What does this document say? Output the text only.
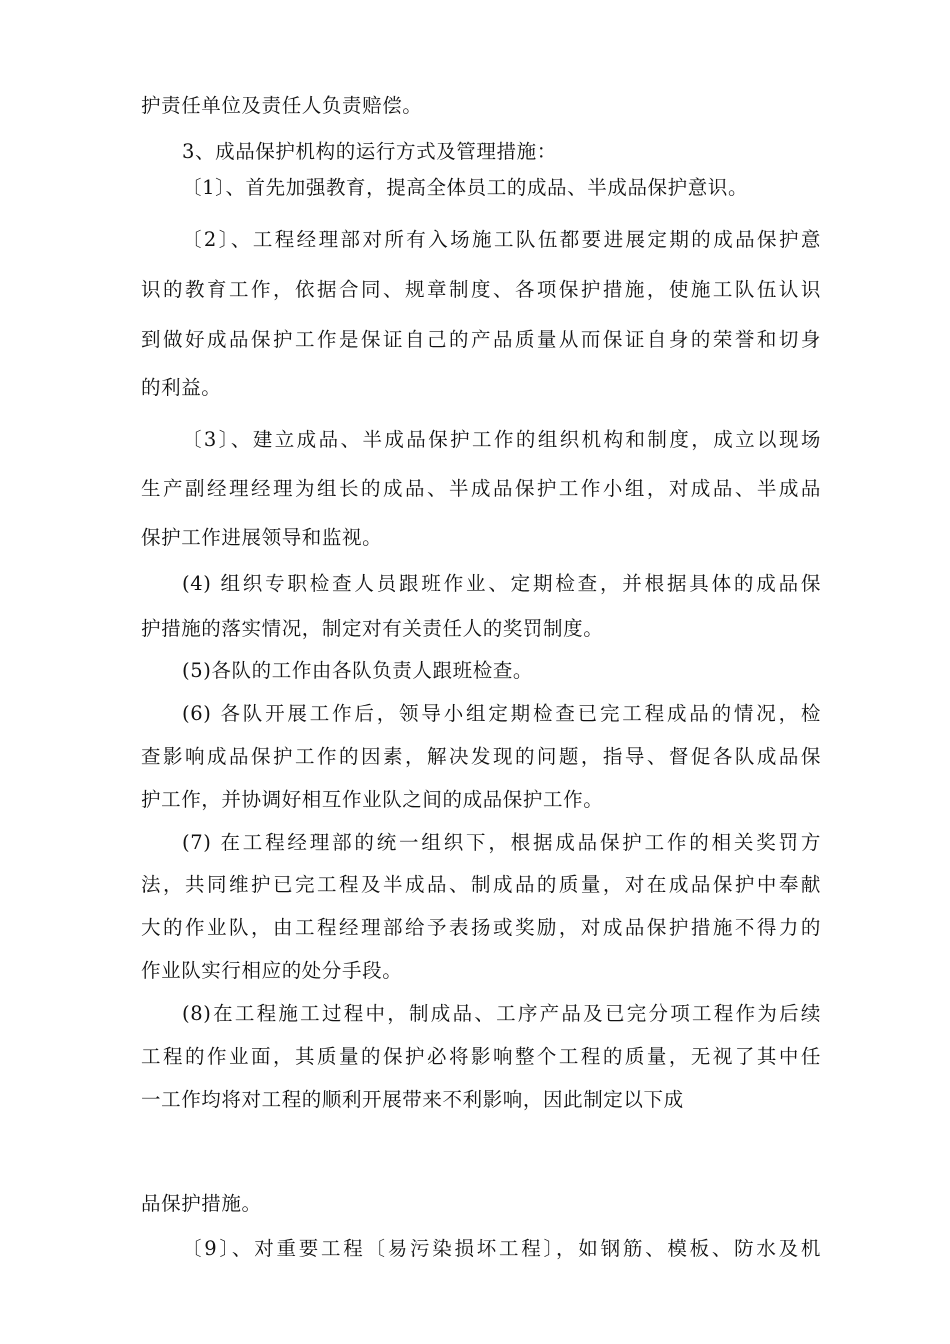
护责任单位及责任人负责赔偿。
3、成品保护机构的运行方式及管理措施：
〔1〕、首先加强教育，提高全体员工的成品、半成品保护意识。
〔2〕、工程经理部对所有入场施工队伍都要进展定期的成品保护意
识的教育工作，依据合同、规章制度、各项保护措施，使施工队伍认识
到做好成品保护工作是保证自己的产品质量从而保证自身的荣誉和切身
的利益。
〔3〕、建立成品、半成品保护工作的组织机构和制度，成立以现场
生产副经理经理为组长的成品、半成品保护工作小组，对成品、半成品
保护工作进展领导和监视。
(4) 组织专职检查人员跟班作业、定期检查，并根据具体的成品保
护措施的落实情况，制定对有关责任人的奖罚制度。
(5)各队的工作由各队负责人跟班检查。
(6) 各队开展工作后，领导小组定期检查已完工程成品的情况，检
查影响成品保护工作的因素，解决发现的问题，指导、督促各队成品保
护工作，并协调好相互作业队之间的成品保护工作。
(7) 在工程经理部的统一组织下，根据成品保护工作的相关奖罚方
法，共同维护已完工程及半成品、制成品的质量，对在成品保护中奉献
大的作业队，由工程经理部给予表扬或奖励，对成品保护措施不得力的
作业队实行相应的处分手段。
(8)在工程施工过程中，制成品、工序产品及已完分项工程作为后续
工程的作业面，其质量的保护必将影响整个工程的质量，无视了其中任
一工作均将对工程的顺利开展带来不利影响，因此制定以下成
品保护措施。
〔9〕、对重要工程〔易污染损坏工程〕，如钢筋、模板、防水及机
